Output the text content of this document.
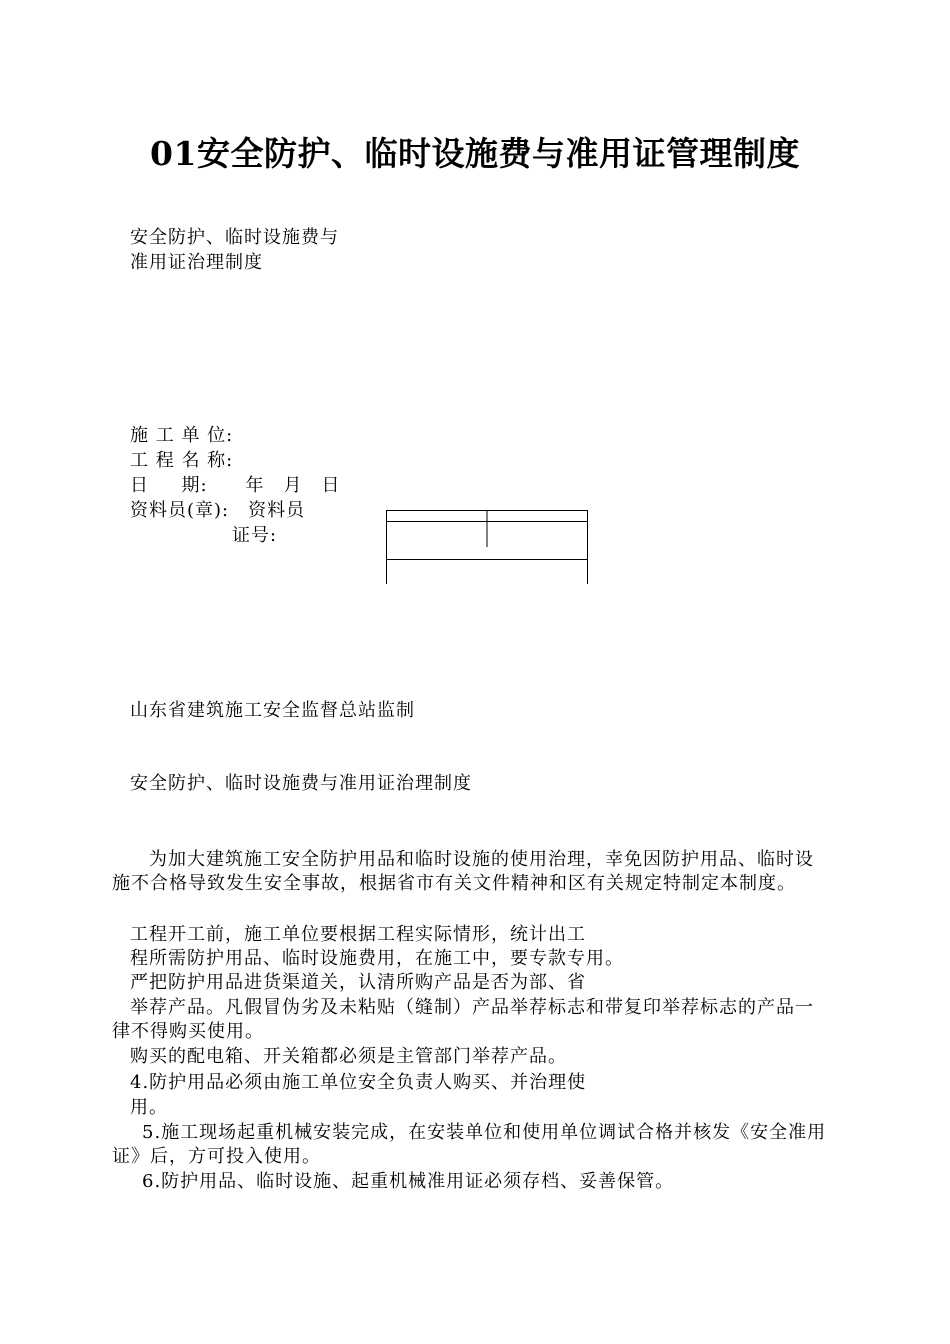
01安全防护、临时设施费与准用证管理制度
安全防护、临时设施费与
准用证治理制度
施 工 单 位:
工 程 名 称:
日 　 期:　　年　月　日
资料员(章):　资料员
证号:
山东省建筑施工安全监督总站监制
安全防护、临时设施费与准用证治理制度
　为加大建筑施工安全防护用品和临时设施的使用治理，幸免因防护用品、临时设施不合格导致发生安全事故，根据省市有关文件精神和区有关规定特制定本制度。
工程开工前，施工单位要根据工程实际情形，统计出工
程所需防护用品、临时设施费用，在施工中，要专款专用。
严把防护用品进货渠道关，认清所购产品是否为部、省
举荐产品。凡假冒伪劣及未粘贴（缝制）产品举荐标志和带复印举荐标志的产品一律不得购买使用。
购买的配电箱、开关箱都必须是主管部门举荐产品。
4.防护用品必须由施工单位安全负责人购买、并治理使
用。
5.施工现场起重机械安装完成，在安装单位和使用单位调试合格并核发《安全准用证》后，方可投入使用。
6.防护用品、临时设施、起重机械准用证必须存档、妥善保管。
